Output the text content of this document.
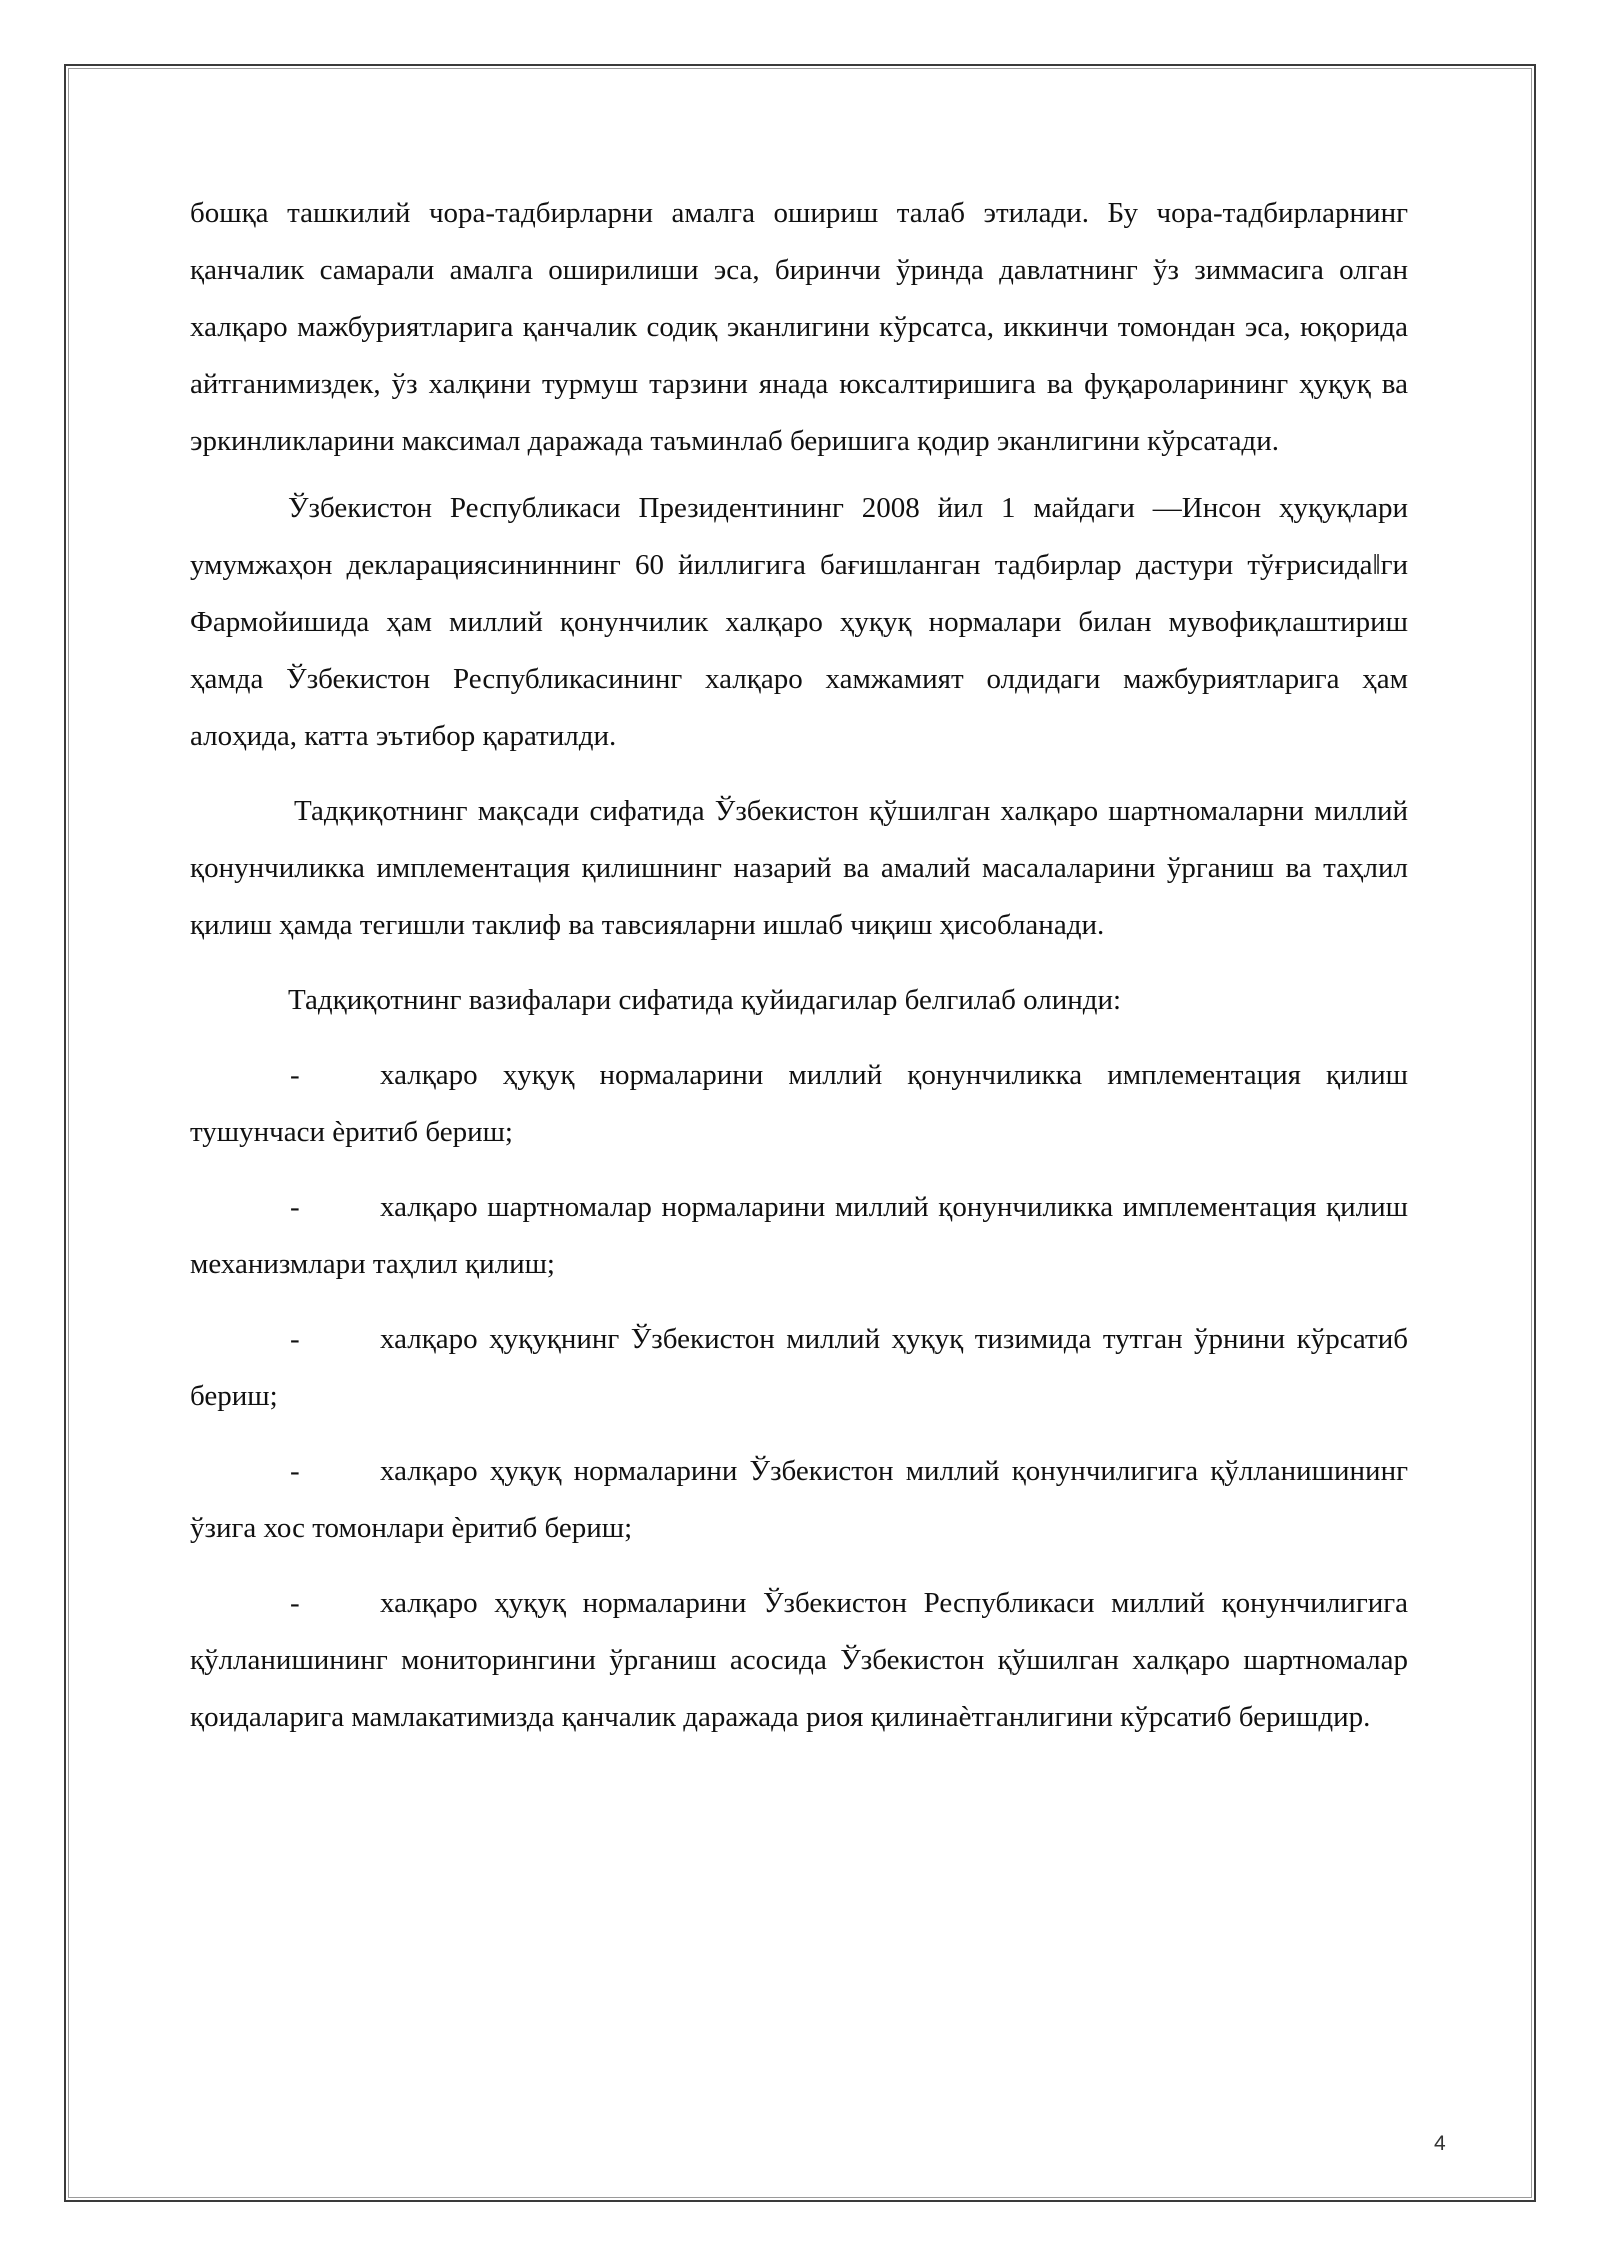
бошқа ташкилий чора-тадбирларни амалга ошириш талаб этилади. Бу чора-тадбирларнинг қанчалик самарали амалга оширилиши эса, биринчи ўринда давлатнинг ўз зиммасига олган халқаро мажбуриятларига қанчалик содиқ эканлигини кўрсатса, иккинчи томондан эса, юқорида айтганимиздек, ўз халқини турмуш тарзини янада юксалтиришига ва фуқароларининг ҳуқуқ ва эркинликларини максимал даражада таъминлаб беришига қодир эканлигини кўрсатади.

Ўзбекистон Республикаси Президентининг 2008 йил 1 майдаги ―Инсон ҳуқуқлари умумжаҳон декларациясининнинг 60 йиллигига бағишланган тадбирлар дастури тўғрисида‖ги Фармойишида ҳам миллий қонунчилик халқаро ҳуқуқ нормалари билан мувофиқлаштириш ҳамда Ўзбекистон Республикасининг халқаро хамжамият олдидаги мажбуриятларига ҳам алоҳида, катта эътибор қаратилди.

Тадқиқотнинг мақсади сифатида Ўзбекистон қўшилган халқаро шартномаларни миллий қонунчиликка имплементация қилишнинг назарий ва амалий масалаларини ўрганиш ва таҳлил қилиш ҳамда тегишли таклиф ва тавсияларни ишлаб чиқиш ҳисобланади.

Тадқиқотнинг вазифалари сифатида қуйидагилар белгилаб олинди:

-	халқаро ҳуқуқ нормаларини миллий қонунчиликка имплементация қилиш тушунчаси ѐритиб бериш;

-	халқаро шартномалар нормаларини миллий қонунчиликка имплементация қилиш механизмлари таҳлил қилиш;

-	халқаро ҳуқуқнинг Ўзбекистон миллий ҳуқуқ тизимида тутган ўрнини кўрсатиб бериш;

-	халқаро ҳуқуқ нормаларини Ўзбекистон миллий қонунчилигига қўлланишининг ўзига хос томонлари ѐритиб бериш;

-	халқаро ҳуқуқ нормаларини Ўзбекистон Республикаси миллий қонунчилигига қўлланишининг мониторингини ўрганиш асосида Ўзбекистон қўшилган халқаро шартномалар қоидаларига мамлакатимизда қанчалик даражада риоя қилинаѐтганлигини кўрсатиб беришдир.

4
